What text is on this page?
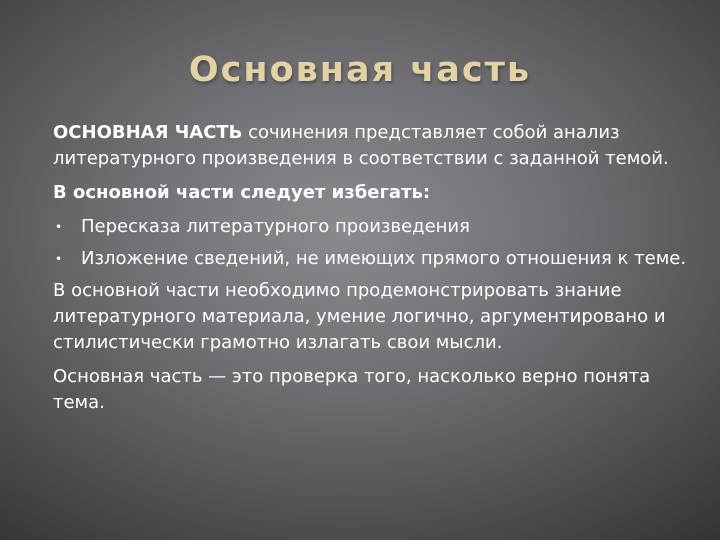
Основная часть

ОСНОВНАЯ ЧАСТЬ сочинения представляет собой анализ литературного произведения в соответствии с заданной темой.

В основной части следует избегать:

• Пересказа литературного произведения
• Изложение сведений, не имеющих прямого отношения к теме.

В основной части необходимо продемонстрировать знание литературного материала, умение логично, аргументировано и стилистически грамотно излагать свои мысли.

Основная часть — это проверка того, насколько верно понята тема.
